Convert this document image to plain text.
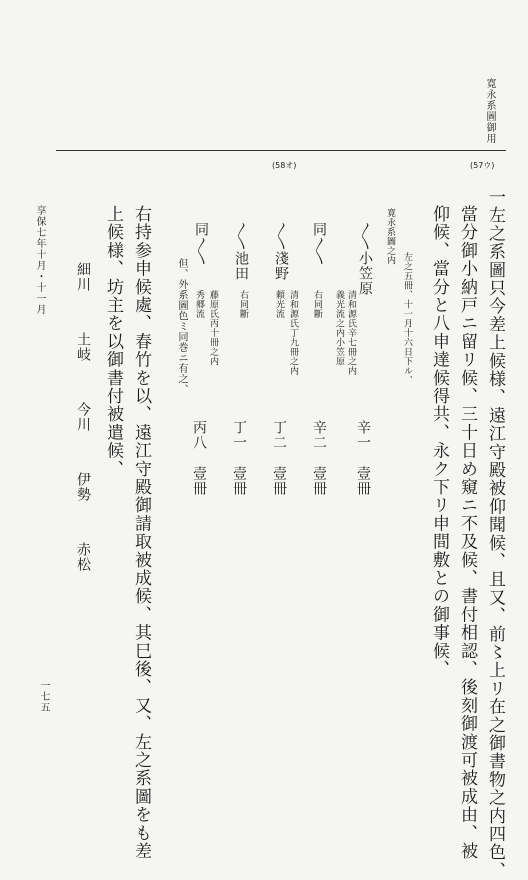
寛永系圖御用
(58オ)	(57ウ)
一左之系圖只今差上候様、遠江守殿被仰聞候、且又、前〻上リ在之御書物之内四色、
當分御小納戸ニ留リ候、三十日め窺ニ不及候、書付相認、後刻御渡可被成由、被
仰候、當分と八申達候得共、永ク下リ申間敷との御事候、
左之五冊、十一月十六日下ル、
寛永系圖之内
〳〵小笠原
清和源氏辛七冊之内
義光流之内小笠原
辛一
壹冊
同〳〵
右同斷
辛二
壹冊
〳〵淺野
清和源氏丁九冊之内
頼光流
丁二
壹冊
〳〵池田
右同斷
丁一
壹冊
同〳〵
藤原氏丙十冊之内
秀郷流
丙八
壹冊
但、外系圖色ミ同巻ニ有之、
右持参申候處、春竹を以、遠江守殿御請取被成候、其巳後、又、左之系圖をも差
上候様、坊主を以御書付被遣候、
細川
土岐
今川
伊勢
赤松
享保七年十月・十一月
一七五
